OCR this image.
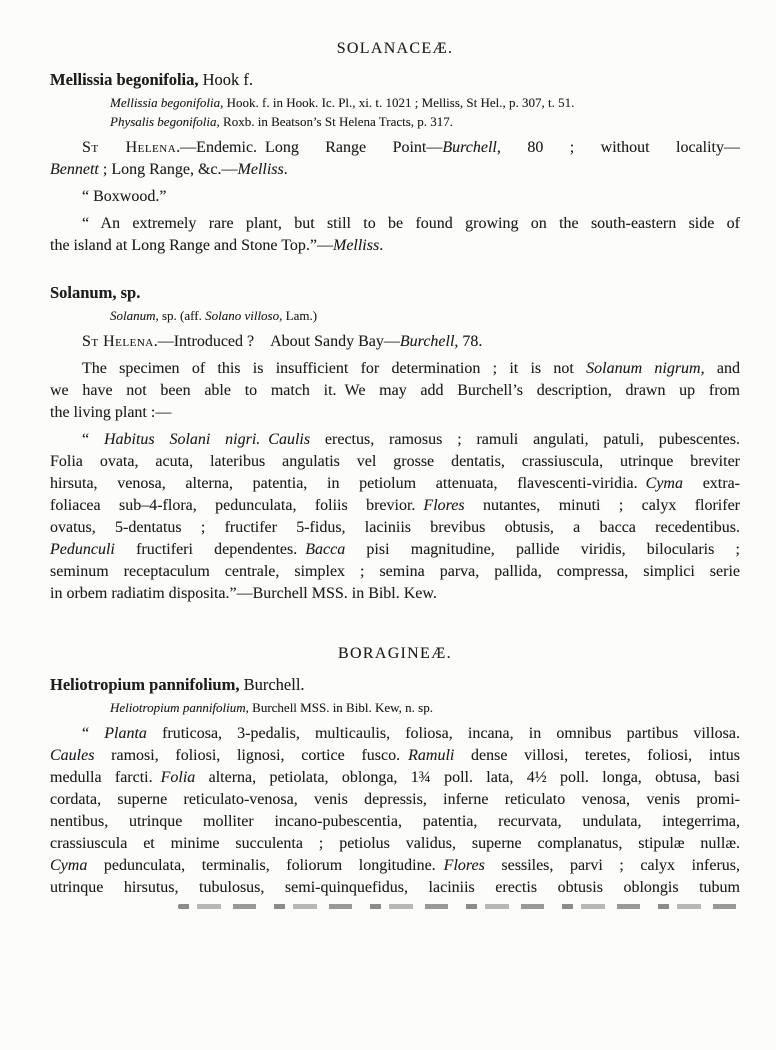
SOLANACEÆ.
Mellissia begonifolia, Hook f.
Mellissia begonifolia, Hook. f. in Hook. Ic. Pl., xi. t. 1021 ; Melliss, St Hel., p. 307, t. 51.
Physalis begonifolia, Roxb. in Beatson’s St Helena Tracts, p. 317.
St Helena.—Endemic. Long Range Point—Burchell, 80 ; without locality—
Bennett ; Long Range, &c.—Melliss.
“ Boxwood.”
“ An extremely rare plant, but still to be found growing on the south-eastern side of
the island at Long Range and Stone Top.”—Melliss.
Solanum, sp.
Solanum, sp. (aff. Solano villoso, Lam.)
St Helena.—Introduced ? About Sandy Bay—Burchell, 78.
The specimen of this is insufficient for determination ; it is not Solanum nigrum, and
we have not been able to match it. We may add Burchell’s description, drawn up from
the living plant :—
“ Habitus Solani nigri.  Caulis erectus, ramosus ; ramuli angulati, patuli, pubescentes.
Folia ovata, acuta, lateribus angulatis vel grosse dentatis, crassiuscula, utrinque breviter
hirsuta, venosa, alterna, patentia, in petiolum attenuata, flavescenti-viridia. Cyma extra-
foliacea sub–4-flora, pedunculata, foliis brevior. Flores nutantes, minuti ; calyx florifer
ovatus, 5-dentatus ; fructifer 5-fidus, laciniis brevibus obtusis, a bacca recedentibus.
Pedunculi fructiferi dependentes. Bacca pisi magnitudine, pallide viridis, bilocularis ;
seminum receptaculum centrale, simplex ; semina parva, pallida, compressa, simplici serie
in orbem radiatim disposita.”—Burchell MSS. in Bibl. Kew.
BORAGINEÆ.
Heliotropium pannifolium, Burchell.
Heliotropium pannifolium, Burchell MSS. in Bibl. Kew, n. sp.
“ Planta fruticosa, 3-pedalis, multicaulis, foliosa, incana, in omnibus partibus villosa.
Caules ramosi, foliosi, lignosi, cortice fusco. Ramuli dense villosi, teretes, foliosi, intus
medulla farcti. Folia alterna, petiolata, oblonga, 1¾ poll. lata, 4½ poll. longa, obtusa, basi
cordata, superne reticulato-venosa, venis depressis, inferne reticulato venosa, venis promi-
nentibus, utrinque molliter incano-pubescentia, patentia, recurvata, undulata, integerrima,
crassiuscula et minime succulenta ; petiolus validus, superne complanatus, stipulæ nullæ.
Cyma pedunculata, terminalis, foliorum longitudine. Flores sessiles, parvi ; calyx inferus,
utrinque hirsutus, tubulosus, semi-quinquefidus, laciniis erectis obtusis oblongis tubum
